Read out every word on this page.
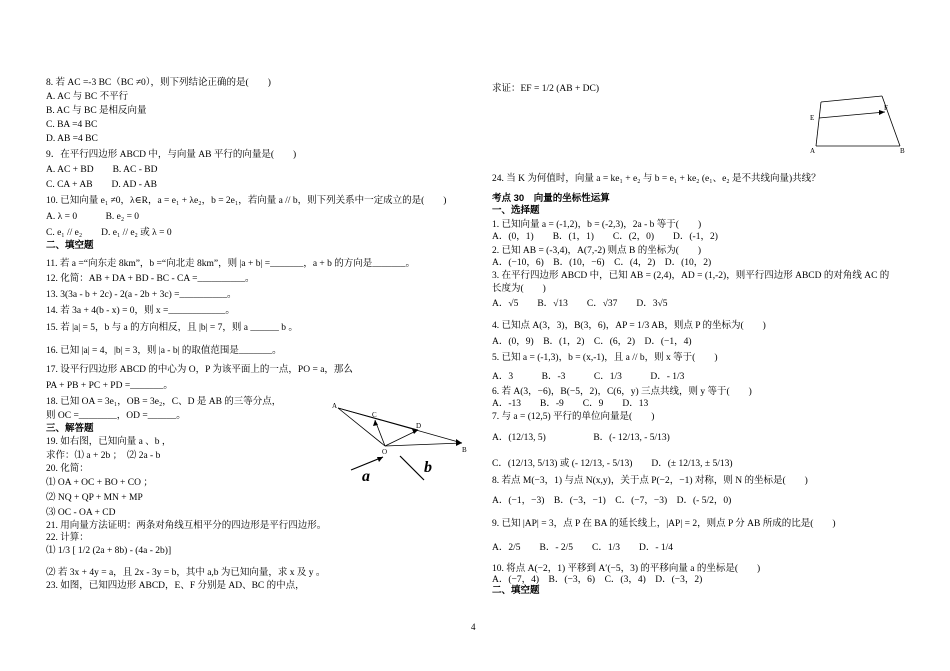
8. 若 AC =-3 BC（BC ≠0），则下列结论正确的是(　　)
A. AC 与 BC 不平行
B. AC 与 BC 是相反向量
C. BA =4 BC
D. AB =4 BC
9．在平行四边形 ABCD 中，与向量 AB 平行的向量是(　　)
A. AC + BD　　B. AC - BD
C. CA + AB　　D. AD - AB
10. 已知向量 e₁ ≠0，λ∈R，a = e₁ + λe₂，b = 2e₁，若向量 a // b，则下列关系中一定成立的是(　　)
A. λ = 0　　　B. e₂ = 0
C. e₁ // e₂　　D. e₁ // e₂ 或 λ = 0
二、填空题
11. 若 a =“向东走 8km”，b =“向北走 8km”，则 |a + b| =_______，a + b 的方向是_______。
12. 化简：AB + DA + BD - BC - CA =__________。
13. 3(3a - b + 2c) - 2(a - 2b + 3c) =__________。
14. 若 3a + 4(b - x) = 0，则 x =____________。
15. 若 |a| = 5，b 与 a 的方向相反，且 |b| = 7，则 a ______ b 。
16. 已知 |a| = 4，|b| = 3，则 |a - b| 的取值范围是_______。
17. 设平行四边形 ABCD 的中心为 O，P 为该平面上的一点，PO = a，那么
PA + PB + PC + PD =_______。
18. 已知 OA = 3e₁，OB = 3e₂，C、D 是 AB 的三等分点，
则 OC =________，OD =______。
三、解答题
19. 如右图，已知向量 a 、b ，
求作：⑴ a + 2b ；　⑵ 2a - b
20. 化简：
⑴ OA + OC + BO + CO ；
⑵ NQ + QP + MN + MP
⑶ OC - OA + CD
21. 用向量方法证明：两条对角线互相平分的四边形是平行四边形。
22. 计算：
⑴ 1/3 [ 1/2 (2a + 8b) - (4a - 2b)]
⑵ 若 3x + 4y = a，且 2x - 3y = b，其中 a,b 为已知向量，求 x 及 y 。
23. 如图，已知四边形 ABCD，E、F 分别是 AD、BC 的中点，
求证：EF = 1/2 (AB + DC)
24. 当 K 为何值时，向量 a = ke₁ + e₂ 与 b = e₁ + ke₂ (e₁、e₂ 是不共线向量)共线？
考点 30　向量的坐标性运算
一、选择题
1. 已知向量 a = (-1,2)，b = (-2,3)，2a - b 等于(　　)
A．(0，1)　　B．(1，1)　　C．(2，0)　　D．(-1，2)
2. 已知 AB = (-3,4)，A(7,-2) 则点 B 的坐标为(　　)
A．(−10，6)　B．(10，−6)　C．(4，2)　D．(10，2)
3. 在平行四边形 ABCD 中，已知 AB = (2,4)，AD = (1,-2)，则平行四边形 ABCD 的对角线 AC 的
长度为(　　)
A．√5　　B．√13　　C．√37　　D．3√5
4. 已知点 A(3，3)，B(3，6)，AP = 1/3 AB，则点 P 的坐标为(　　)
A．(0，9)　B．(1，2)　C．(6，2)　D．(−1，4)
5. 已知 a = (-1,3)，b = (x,-1)，且 a // b，则 x 等于(　　)
A．3　　　B．-3　　　C．1/3　　　D．- 1/3
6. 若 A(3，−6)，B(−5，2)，C(6，y) 三点共线，则 y 等于(　　)
A．-13　　B．-9　　C．9　　D．13
7. 与 a = (12,5) 平行的单位向量是(　　)
A．(12/13, 5)　　　　　B．(- 12/13, - 5/13)
C．(12/13, 5/13) 或 (- 12/13, - 5/13)　　D．(± 12/13, ± 5/13)
8. 若点 M(−3，1) 与点 N(x,y)，关于点 P(−2，−1) 对称，则 N 的坐标是(　　)
A．(−1，−3)　B．(−3，−1)　C．(−7，−3)　D．(- 5/2，0)
9. 已知 |AP| = 3，点 P 在 BA 的延长线上，|AP| = 2，则点 P 分 AB 所成的比是(　　)
A．2/5　　B．- 2/5　　C．1/3　　D．- 1/4
10. 将点 A(−2，1) 平移到 A′(−5，3) 的平移向量 a 的坐标是(　　)
A．(−7，4)　B．(−3，6)　C．(3，4)　D．(−3，2)
二、填空题
A
B
C
D
O
a
b
A	B
E
F
4
